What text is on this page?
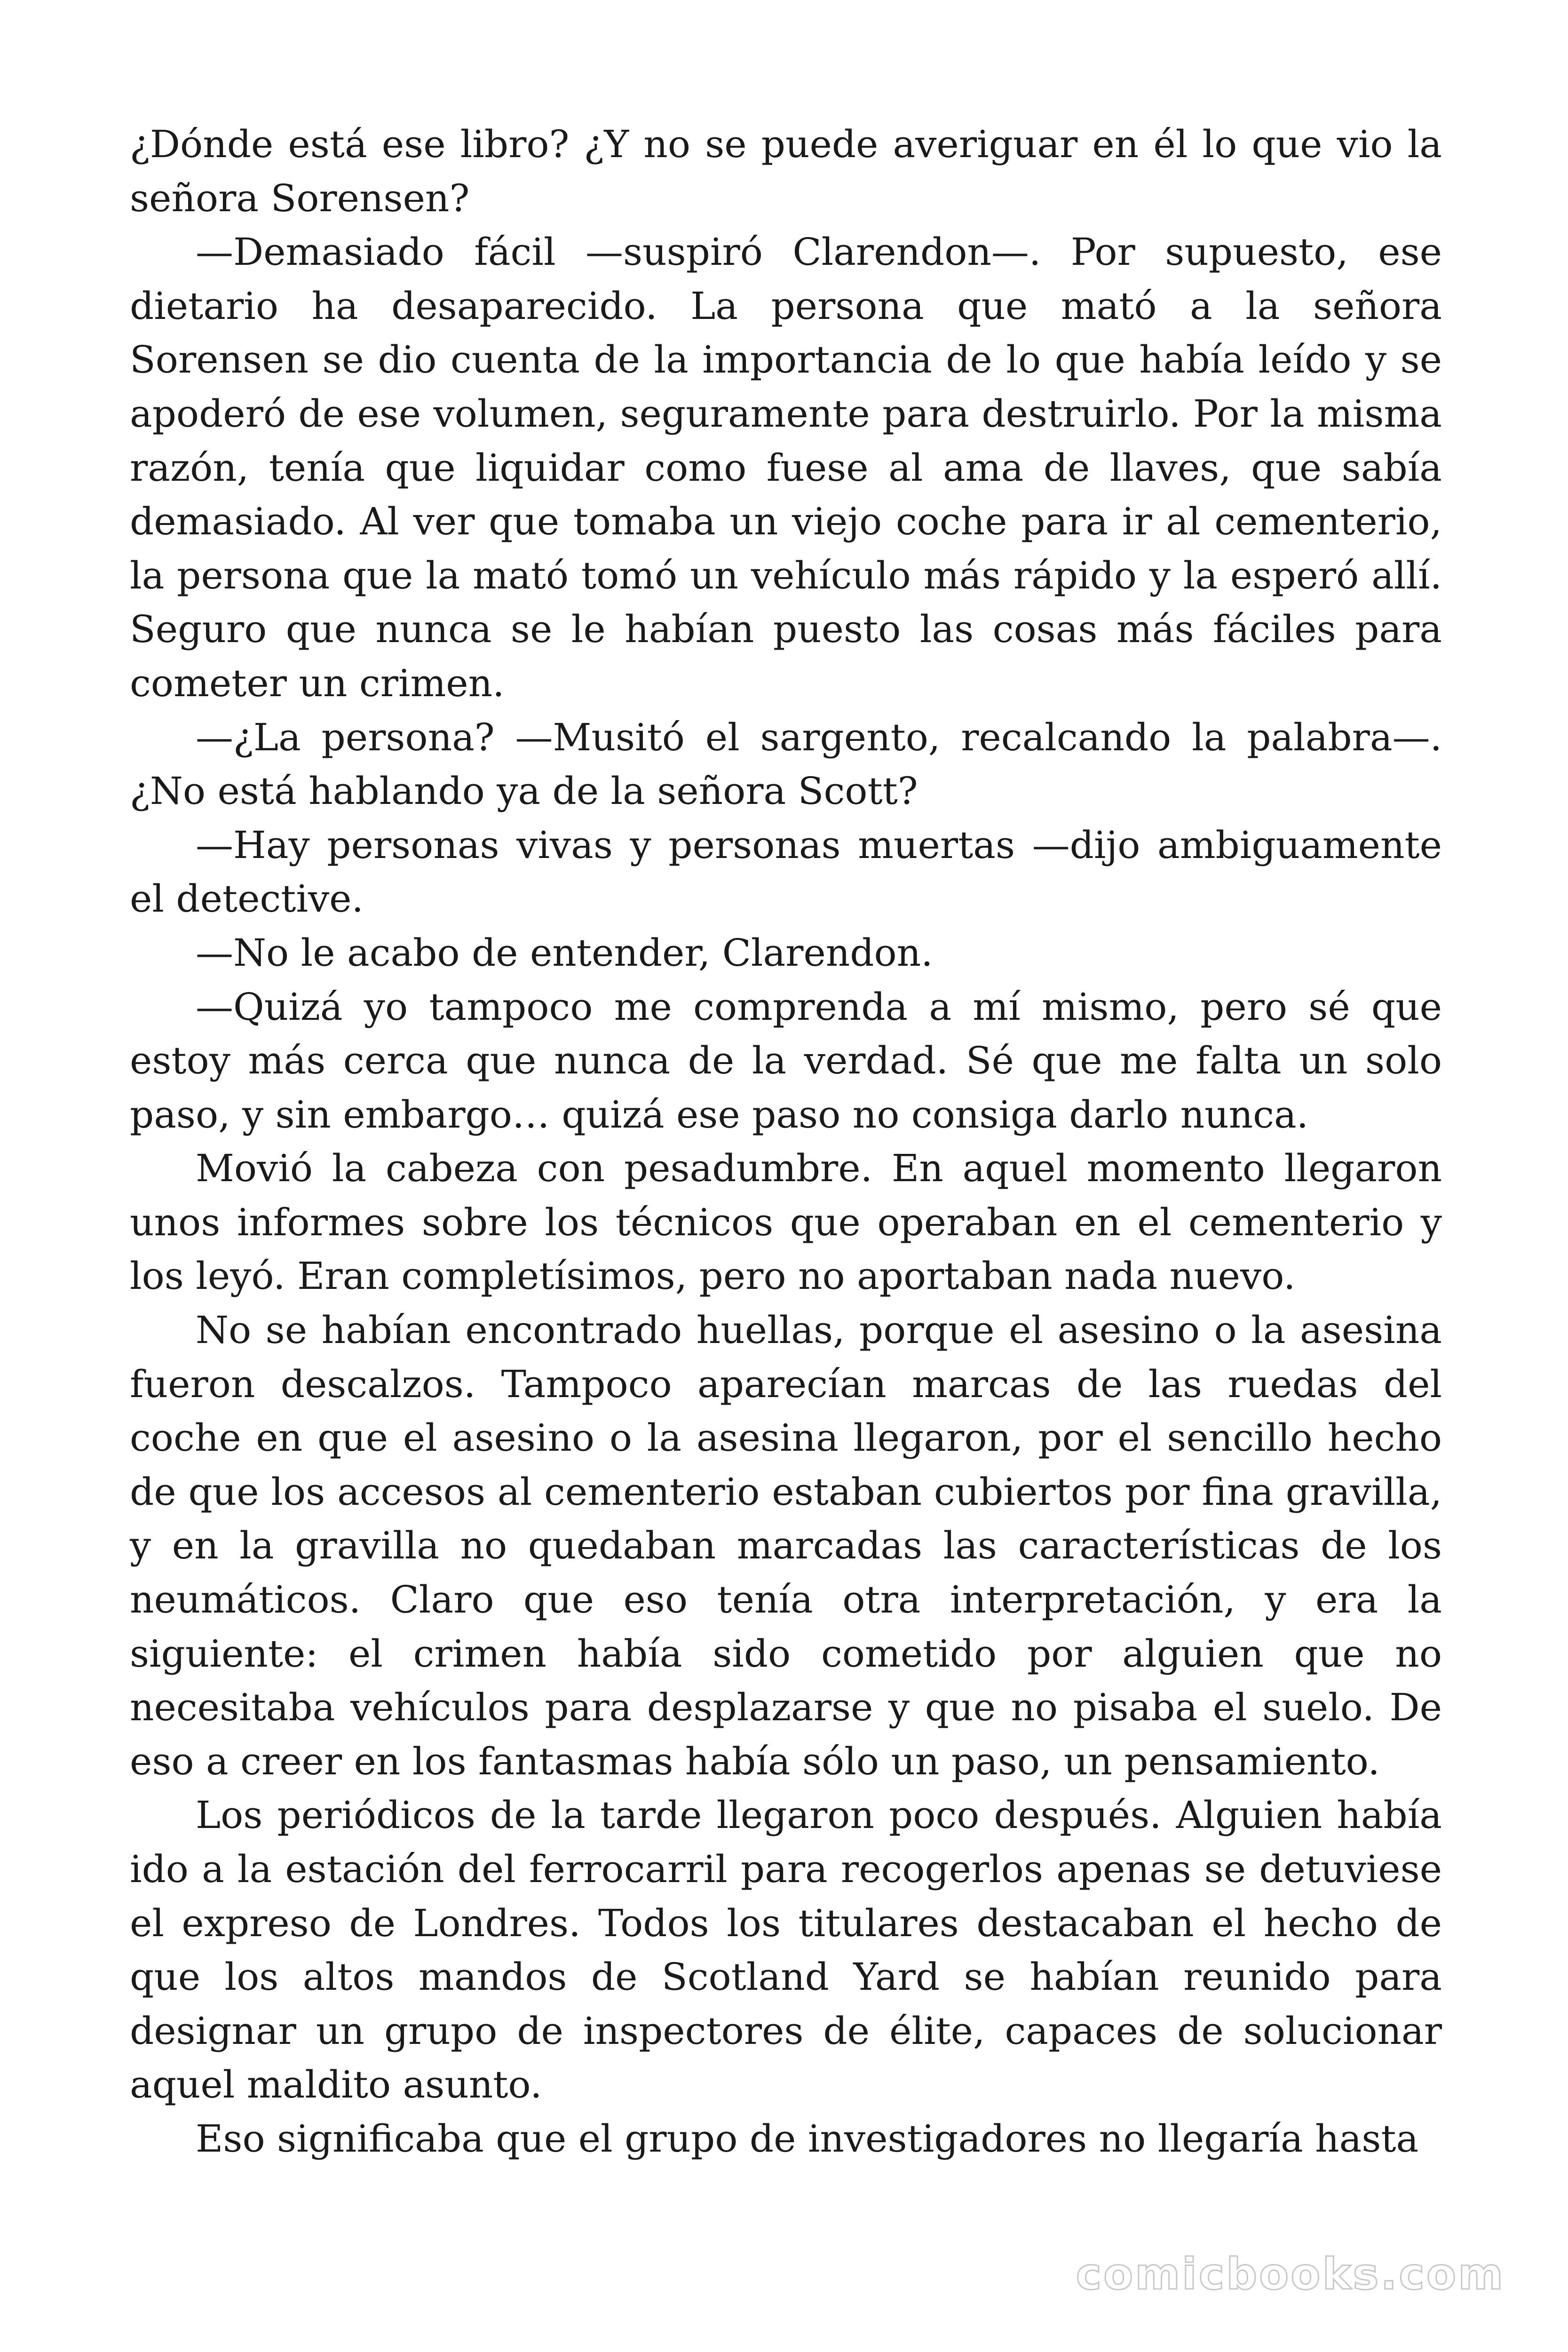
¿Dónde está ese libro? ¿Y no se puede averiguar en él lo que vio la señora Sorensen?

—Demasiado fácil —suspiró Clarendon—. Por supuesto, ese dietario ha desaparecido. La persona que mató a la señora Sorensen se dio cuenta de la importancia de lo que había leído y se apoderó de ese volumen, seguramente para destruirlo. Por la misma razón, tenía que liquidar como fuese al ama de llaves, que sabía demasiado. Al ver que tomaba un viejo coche para ir al cementerio, la persona que la mató tomó un vehículo más rápido y la esperó allí. Seguro que nunca se le habían puesto las cosas más fáciles para cometer un crimen.

—¿La persona? —Musitó el sargento, recalcando la palabra—. ¿No está hablando ya de la señora Scott?

—Hay personas vivas y personas muertas —dijo ambiguamente el detective.

—No le acabo de entender, Clarendon.

—Quizá yo tampoco me comprenda a mí mismo, pero sé que estoy más cerca que nunca de la verdad. Sé que me falta un solo paso, y sin embargo… quizá ese paso no consiga darlo nunca.

Movió la cabeza con pesadumbre. En aquel momento llegaron unos informes sobre los técnicos que operaban en el cementerio y los leyó. Eran completísimos, pero no aportaban nada nuevo.

No se habían encontrado huellas, porque el asesino o la asesina fueron descalzos. Tampoco aparecían marcas de las ruedas del coche en que el asesino o la asesina llegaron, por el sencillo hecho de que los accesos al cementerio estaban cubiertos por fina gravilla, y en la gravilla no quedaban marcadas las características de los neumáticos. Claro que eso tenía otra interpretación, y era la siguiente: el crimen había sido cometido por alguien que no necesitaba vehículos para desplazarse y que no pisaba el suelo. De eso a creer en los fantasmas había sólo un paso, un pensamiento.

Los periódicos de la tarde llegaron poco después. Alguien había ido a la estación del ferrocarril para recogerlos apenas se detuviese el expreso de Londres. Todos los titulares destacaban el hecho de que los altos mandos de Scotland Yard se habían reunido para designar un grupo de inspectores de élite, capaces de solucionar aquel maldito asunto.

Eso significaba que el grupo de investigadores no llegaría hasta

comicbooks.com
